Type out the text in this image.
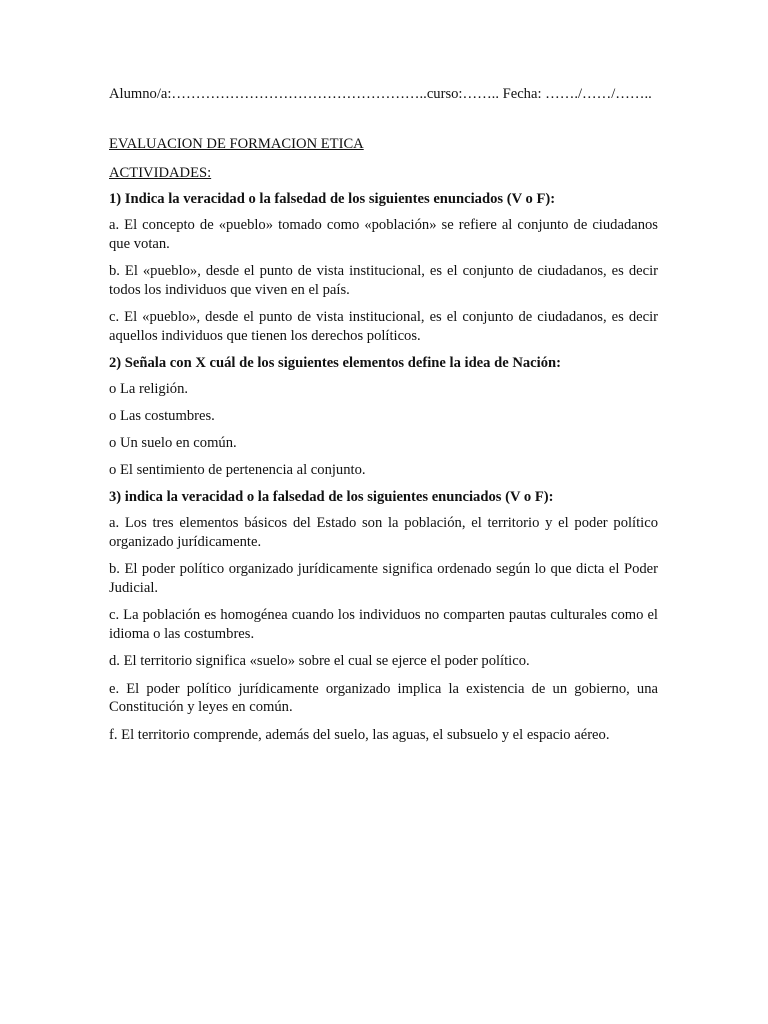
Alumno/a:……………………………………………..curso:…….. Fecha: ……./……/……..
EVALUACION DE FORMACION ETICA
ACTIVIDADES:
1) Indica la veracidad o la falsedad de los siguientes enunciados (V o F):
a. El concepto de «pueblo» tomado como «población» se refiere al conjunto de ciudadanos que votan.
b. El «pueblo», desde el punto de vista institucional, es el conjunto de ciudadanos, es decir todos los individuos que viven en el país.
c. El «pueblo», desde el punto de vista institucional, es el conjunto de ciudadanos, es decir aquellos individuos que tienen los derechos políticos.
2) Señala con X cuál de los siguientes elementos define la idea de Nación:
o La religión.
o Las costumbres.
o Un suelo en común.
o El sentimiento de pertenencia al conjunto.
3) indica la veracidad o la falsedad de los siguientes enunciados (V o F):
a. Los tres elementos básicos del Estado son la población, el territorio y el poder político organizado jurídicamente.
b. El poder político organizado jurídicamente significa ordenado según lo que dicta el Poder Judicial.
c. La población es homogénea cuando los individuos no comparten pautas culturales como el idioma o las costumbres.
d. El territorio significa «suelo» sobre el cual se ejerce el poder político.
e. El poder político jurídicamente organizado implica la existencia de un gobierno, una Constitución y leyes en común.
f. El territorio comprende, además del suelo, las aguas, el subsuelo y el espacio aéreo.
